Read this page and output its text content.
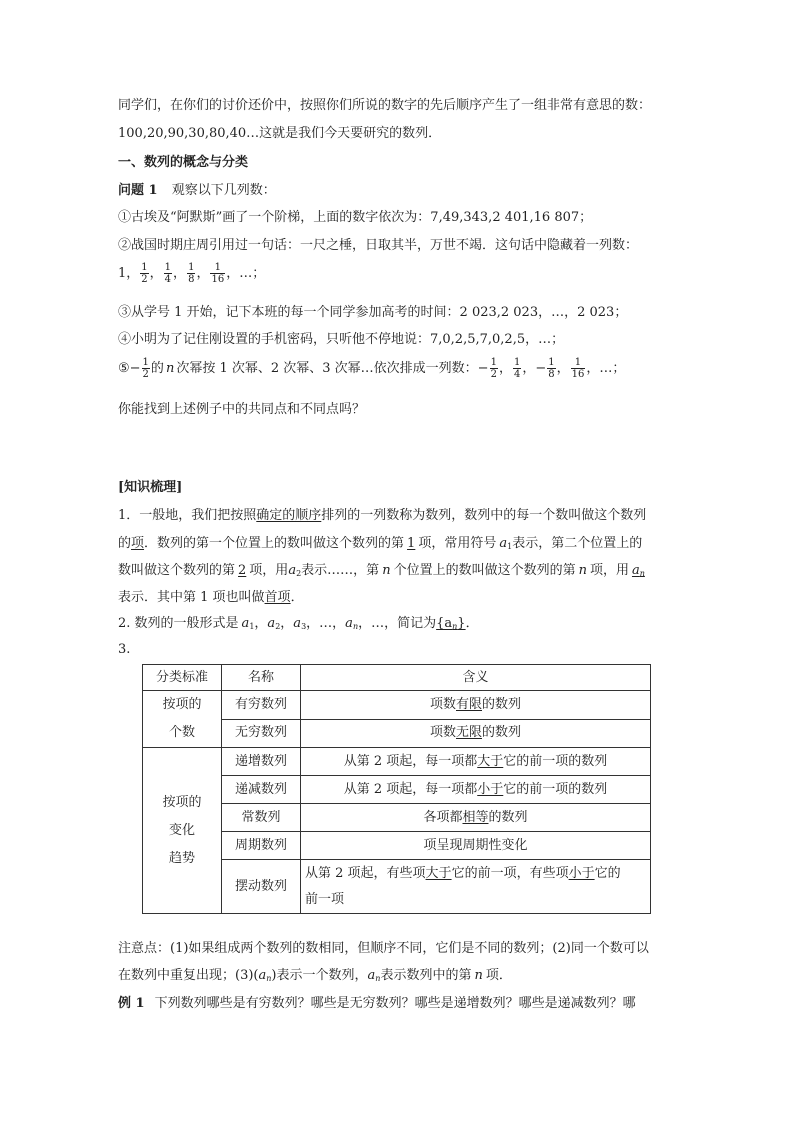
同学们，在你们的讨价还价中，按照你们所说的数字的先后顺序产生了一组非常有意思的数：
100,20,90,30,80,40…这就是我们今天要研究的数列．
一、数列的概念与分类
问题 1 观察以下几列数：
①古埃及“阿默斯”画了一个阶梯，上面的数字依次为：7,49,343,2 401,16 807；
②战国时期庄周引用过一句话：一尺之棰，日取其半，万世不竭．这句话中隐藏着一列数：
1， $\frac{1}{2}$ ， $\frac{1}{4}$ ， $\frac{1}{8}$ ， $\frac{1}{16}$ ，…；
③从学号 1 开始，记下本班的每一个同学参加高考的时间：2 023,2 023，…，2 023；
④小明为了记住刚设置的手机密码，只听他不停地说：7,0,2,5,7,0,2,5，…；
⑤− $\frac{1}{2}$ 的 n 次幂按 1 次幂、2 次幂、3 次幂…依次排成一列数：− $\frac{1}{2}$ ， $\frac{1}{4}$ ，− $\frac{1}{8}$ ， $\frac{1}{16}$ ，…；
你能找到上述例子中的共同点和不同点吗？
[知识梳理]
1．一般地，我们把按照确定的顺序排列的一列数称为数列，数列中的每一个数叫做这个数列
的项．数列的第一个位置上的数叫做这个数列的第 1 项，常用符号 $a_1$表示，第二个位置上的
数叫做这个数列的第 2 项，用$a_2$表示……，第 n 个位置上的数叫做这个数列的第 n 项，用 $a_n$
表示．其中第 1 项也叫做首项．
2. 数列的一般形式是 $a_1$，$a_2$，$a_3$，…，$a_n$，…，简记为$\{a_n\}$．
3.
分类标准	名称	含义

按项的
个数	有穷数列	项数有限的数列
	无穷数列	项数无限的数列

按项的
变化
趋势	递增数列	从第 2 项起，每一项都大于它的前一项的数列
	递减数列	从第 2 项起，每一项都小于它的前一项的数列
	常数列	各项都相等的数列
	周期数列	项呈现周期性变化
	摆动数列	从第 2 项起，有些项大于它的前一项，有些项小于它的
前一项
注意点：(1)如果组成两个数列的数相同，但顺序不同，它们是不同的数列；(2)同一个数可以
在数列中重复出现；$(3)(a_n)$表示一个数列，$a_n$表示数列中的第 n 项．
例 1 下列数列哪些是有穷数列？哪些是无穷数列？哪些是递增数列？哪些是递减数列？哪
